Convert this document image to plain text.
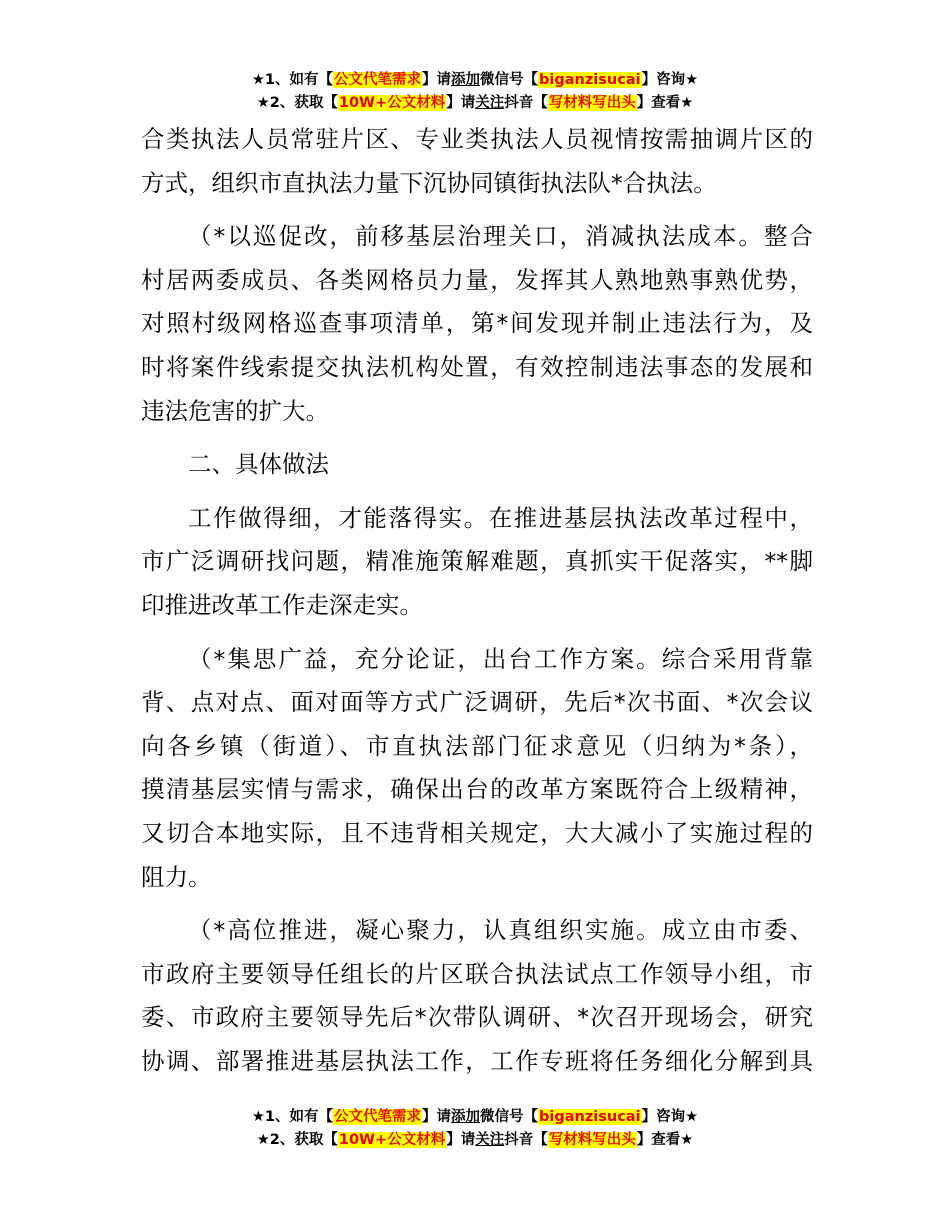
★1、如有【公文代笔需求】请添加微信号【biganzisucai】咨询★
★2、获取【10W+公文材料】请关注抖音【写材料写出头】查看★

合类执法人员常驻片区、专业类执法人员视情按需抽调片区的
方式，组织市直执法力量下沉协同镇街执法队*合执法。

（*以巡促改，前移基层治理关口，消减执法成本。整合
村居两委成员、各类网格员力量，发挥其人熟地熟事熟优势，
对照村级网格巡查事项清单，第*间发现并制止违法行为，及
时将案件线索提交执法机构处置，有效控制违法事态的发展和
违法危害的扩大。

二、具体做法

工作做得细，才能落得实。在推进基层执法改革过程中，
市广泛调研找问题，精准施策解难题，真抓实干促落实，**脚
印推进改革工作走深走实。

（*集思广益，充分论证，出台工作方案。综合采用背靠
背、点对点、面对面等方式广泛调研，先后*次书面、*次会议
向各乡镇（街道）、市直执法部门征求意见（归纳为*条），
摸清基层实情与需求，确保出台的改革方案既符合上级精神，
又切合本地实际，且不违背相关规定，大大减小了实施过程的
阻力。

（*高位推进，凝心聚力，认真组织实施。成立由市委、
市政府主要领导任组长的片区联合执法试点工作领导小组，市
委、市政府主要领导先后*次带队调研、*次召开现场会，研究
协调、部署推进基层执法工作，工作专班将任务细化分解到具

★1、如有【公文代笔需求】请添加微信号【biganzisucai】咨询★
★2、获取【10W+公文材料】请关注抖音【写材料写出头】查看★
